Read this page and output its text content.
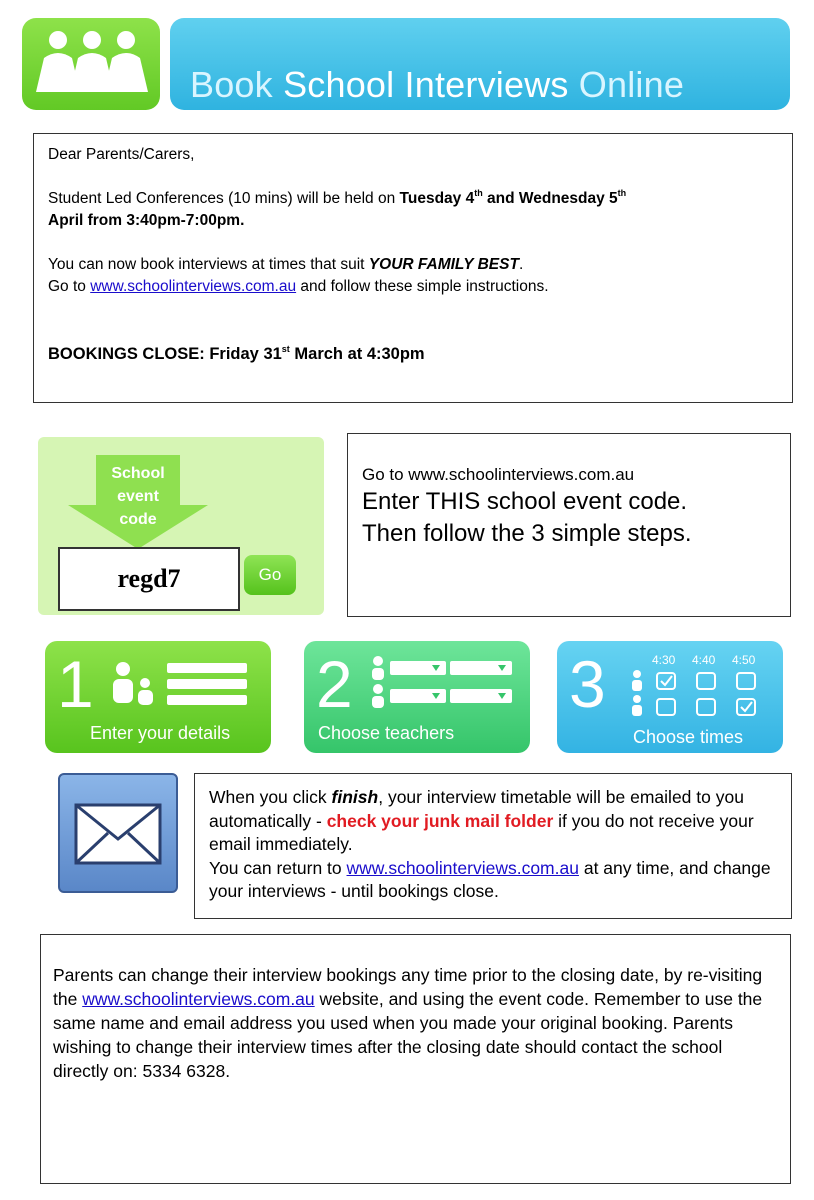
Book School Interviews Online

Dear Parents/Carers,

Student Led Conferences (10 mins) will be held on Tuesday 4th and Wednesday 5th
April from 3:40pm-7:00pm.

You can now book interviews at times that suit YOUR FAMILY BEST.
Go to www.schoolinterviews.com.au and follow these simple instructions.

BOOKINGS CLOSE: Friday 31st March at 4:30pm

School
event
code
regd7	Go
Go to www.schoolinterviews.com.au
Enter THIS school event code.
Then follow the 3 simple steps.
1
Enter your details
2
Choose teachers
3	4:30 4:40 4:50
Choose times
When you click finish, your interview timetable will be emailed to you automatically - check your junk mail folder if you do not receive your email immediately.
You can return to www.schoolinterviews.com.au at any time, and change your interviews - until bookings close.
Parents can change their interview bookings any time prior to the closing date, by re-visiting the www.schoolinterviews.com.au website, and using the event code. Remember to use the same name and email address you used when you made your original booking. Parents wishing to change their interview times after the closing date should contact the school directly on: 5334 6328.
